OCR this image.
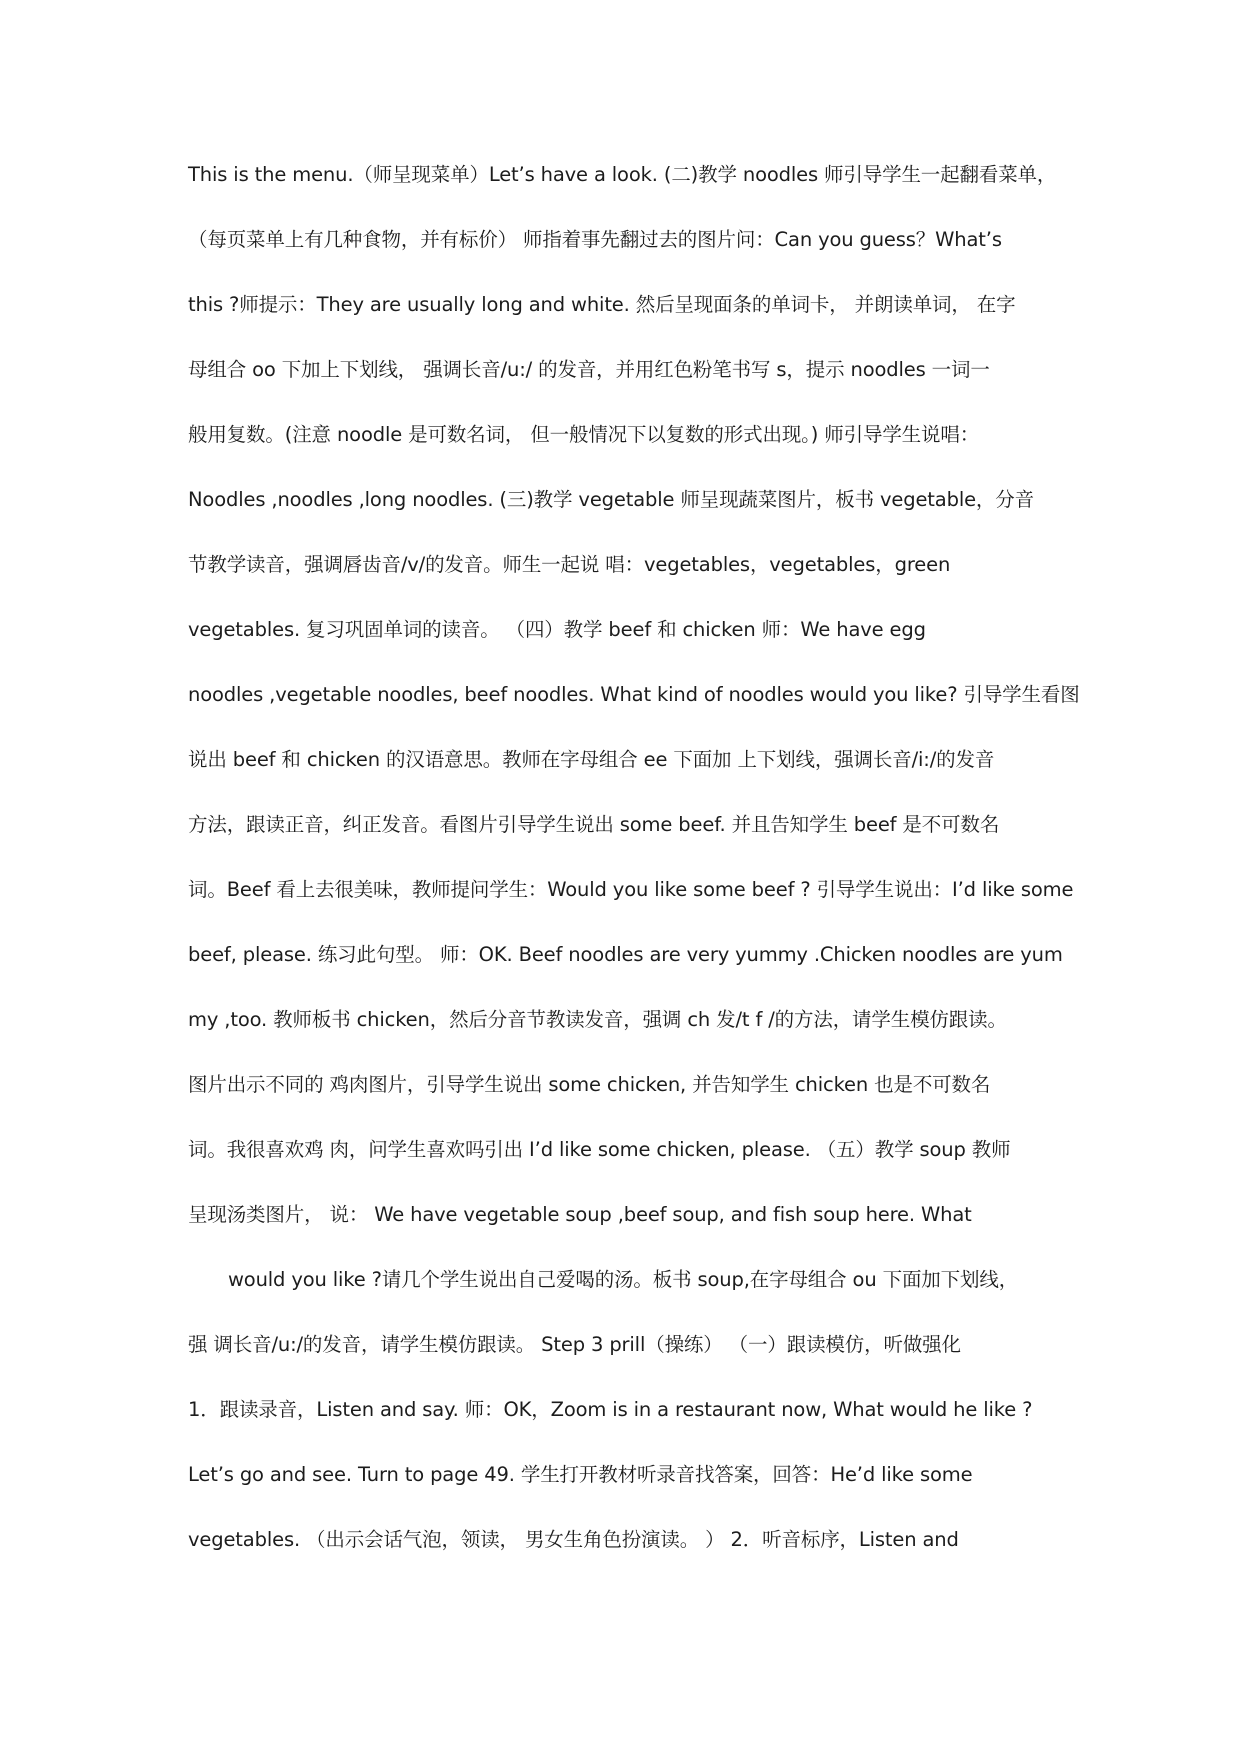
This is the menu.（师呈现菜单）Let’s have a look. (二)教学 noodles 师引导学生一起翻看菜单，
（每页菜单上有几种食物，并有标价） 师指着事先翻过去的图片问：Can you guess？What’s
this ?师提示：They are usually long and white. 然后呈现面条的单词卡， 并朗读单词， 在字
母组合 oo 下加上下划线， 强调长音/u:/ 的发音，并用红色粉笔书写 s，提示 noodles 一词一
般用复数。(注意 noodle 是可数名词， 但一般情况下以复数的形式出现。) 师引导学生说唱：
Noodles ,noodles ,long noodles. (三)教学 vegetable 师呈现蔬菜图片，板书 vegetable，分音
节教学读音，强调唇齿音/v/的发音。师生一起说 唱：vegetables，vegetables，green
vegetables. 复习巩固单词的读音。 （四）教学 beef 和 chicken 师：We have egg
noodles ,vegetable noodles, beef noodles. What kind of noodles would you like? 引导学生看图
说出 beef 和 chicken 的汉语意思。教师在字母组合 ee 下面加 上下划线，强调长音/i:/的发音
方法，跟读正音，纠正发音。看图片引导学生说出 some beef. 并且告知学生 beef 是不可数名
词。Beef 看上去很美味，教师提问学生：Would you like some beef ? 引导学生说出：I’d like some
beef, please. 练习此句型。 师：OK. Beef noodles are very yummy .Chicken noodles are yum
my ,too. 教师板书 chicken，然后分音节教读发音，强调 ch 发/t f /的方法，请学生模仿跟读。
图片出示不同的 鸡肉图片，引导学生说出 some chicken, 并告知学生 chicken 也是不可数名
词。我很喜欢鸡 肉，问学生喜欢吗引出 I’d like some chicken, please. （五）教学 soup 教师
呈现汤类图片， 说： We have vegetable soup ,beef soup, and fish soup here. What
would you like ?请几个学生说出自己爱喝的汤。板书 soup,在字母组合 ou 下面加下划线，
强 调长音/u:/的发音，请学生模仿跟读。 Step 3 prill（操练） （一）跟读模仿，听做强化
1．跟读录音，Listen and say. 师：OK，Zoom is in a restaurant now, What would he like ?
Let’s go and see. Turn to page 49. 学生打开教材听录音找答案，回答：He’d like some
vegetables. （出示会话气泡，领读， 男女生角色扮演读。 ） 2．听音标序，Listen and
